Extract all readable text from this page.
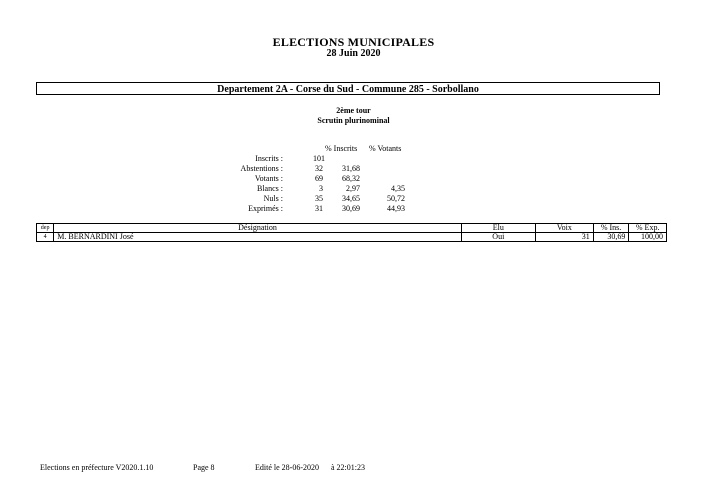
ELECTIONS MUNICIPALES
28 Juin 2020
Departement 2A - Corse du Sud - Commune 285 - Sorbollano
2ème tour
Scrutin plurinominal
% Inscrits % Votants
Inscrits :	101
Abstentions :	32	31,68
Votants :	69	68,32
Blancs :	3	2,97	4,35
Nuls :	35	34,65	50,72
Exprimés :	31	30,69	44,93
dep	Désignation	Elu	Voix	% Ins.	% Exp.
4	M. BERNARDINI José	Oui	31	30,69	100,00
Elections en préfecture V2020.1.10	Page 8	Edité le 28-06-2020 à 22:01:23
